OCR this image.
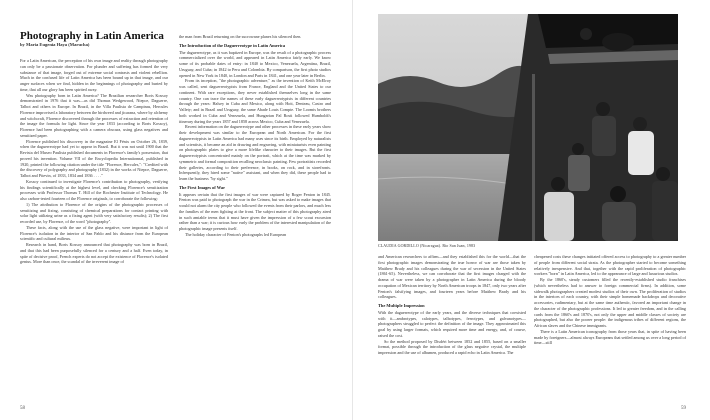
Photography in Latin America
by Maria Eugenia Haya (Marucha)

For a Latin American, the perception of his own image and reality through photography can only be a passionate observation. For plunder and suffering has formed the very substance of that image, forged out of extreme social contrasts and violent rebellion. Much in the confused life of Latin America has been bound up in that image, and our anger surfaces when we find, hidden in the beginnings of photography and buried by time, that all our glory has been spirited away.

Was photography born in Latin America? The Brazilian researcher Boris Kossoy demonstrated in 1976 that it was—as did Thomas Wedgewood, Niepce, Daguerre, Talbot and others in Europe. In Brazil, in the Villa Paulista de Campinas, Hercules Florence improvised a laboratory between the birdweed and jicarana, where by alchemy and witchcraft, Florence discovered through the processes of extraction and retention of the image the formula for light. Since the year 1833 (according to Boris Kossoy), Florence had been photographing with a camera obscura, using glass negatives and sensitized paper.

Florence published his discovery in the magazine El Fénix on October 26, 1839, when the daguerreotype had yet to appear in Brazil. But it was not until 1900 that the Revista del Museo Paulista published documents in Florence's family's possession, that proved his invention. Volume VII of the Encyclopedia Internationnal, published in 1920, printed the following citation under the title "Florence, Hercules,": "Credited with the discovery of polygraphy and photography (1832) in the works of Niepce, Daguerre, Talbot and Pitevin, of 1833, 1834 and 1836 . . . ."

Kossoy continued to investigate Florence's contribution to photography, verifying his findings scientifically at the highest level, and checking Florence's sensitization processes with Professor Thomas T. Hill of the Rochester Institute of Technology. He also carbon-tested fourteen of the Florence originals, to corroborate the following:

1) The attribution to Florence of the origins of the photographic processes of sensitizing and fixing, consisting of chemical preparations for contact printing with solar light utilizing urine as a fixing agent (with very satisfactory results); 2) The first recorded use, by Florence, of the word "photography".

These facts, along with the use of the glass negative, were important in light of Florence's isolation in the interior of San Pablo and his distance from the European scientific and cultural milieux.

Research in hand, Boris Kossoy announced that photography was born in Brazil, and that this had been purposefully silenced for a century and a half. Even today, in spite of decisive proof, French experts do not accept the existence of Florence's isolated genius. More than once, the scandal of the irreverent image of

the man from Brazil returning on the sucrowane planes his silenced then.

The Introduction of the Daguerreotype in Latin America

The daguerreotype, as it was baptized in Europe, was the result of a photographic process commercialized over the world, and appeared in Latin America fairly early. We know some of its probable dates of entry: in 1840 to Mexico, Venezuela, Argentina, Brazil, Uruguay, and Cuba; in 1842 to Peru and Colombia. By comparison, the first photo studios opened in New York in 1840, in London and Paris in 1841, and one year later in Berlin.

From its inception, "the photographic adventure," as the invention of Keith McElroy was called, sent daguerreotypists from France, England and the United States to our continent. With rare exceptions, they never established themselves long in the same country. One can trace the names of these early daguerreotypists in different countries through the years: Halsey in Cuba and Mexico, along with Hoit, Denteau, Castro and Vallety; and in Brazil and Uruguay, the same Abade Louis Compte. The Loomis brothers both worked in Cuba and Venezuela, and Hungarian Pal Rosti followed Humboldt's itinerary during the years 1857 and 1858 across Mexico, Cuba and Venezuela.

Recent information on the daguerreotype and other processes in these early years show their development was similar to the European and North American. For the first daguerreotypists in Latin America had many uses since its birth. Employed by naturalists and scientists, it became an aid in drawing and engraving, with miniaturists even painting on photographic plates to give a more lifelike character to their images. But the first daguerreotypists concentrated mainly on the portrait, which at the time was marked by symmetric and formal composition recalling neoclassic painting. Few portraitists recorded their galleries, according to their preference, in books, on rock, and in storefronts. Infrequently, they hired some "native" assistant, and when they did, these people had to learn the business "by sight."

The First Images of War

It appears certain that the first images of war were captured by Roger Fenton in 1845. Fenton was paid to photograph the war in the Crimea, but was asked to make images that would not alarm the city people who followed the events from their parlors, and much less the families of the men fighting at the front. The subject matter of this photography aired in such amiable terms that it must have given the impression of a few scout excursion rather than a war; it is curious how early the problem of the interested manipulation of the photographic image presents itself.

The holiday character of Fenton's photographs led European

58
CLAUDIA GORDILLO (Nicaragua). Rio San Juan, 1983

and American researchers to affirm—and they established this for the world—that the first photographic images demonstrating the true horror of war are those taken by Matthew Brady and his colleagues during the war of secession in the United States (1861-65). Nevertheless, we can corroborate that the first images charged with the drama of war were taken by a photographer in Latin America during the bloody occupation of Mexican territory by North American troops in 1847, only two years after Fenton's falsifying images, and fourteen years before Matthew Brady and his colleagues.

The Multiple Impression

With the daguerreotype of the early years, and the diverse techniques that coexisted with it—ambrotypes, calotypes, talbotypes, ferrotypes, and galvanotypes—photographers struggled to perfect the definition of the image. They approximated this goal by using larger formats, which required more time and energy, and, of course, raised the cost.

So the method proposed by Disdéri between 1852 and 1855, based on a smaller format, possible through the introduction of the glass negative crystal, the multiple impression and the use of albumen, produced a rapid echo in Latin America. The

cheapened costs these changes initiated offered access to photography to a greater number of people from different social strata. As the photographer started to become something relatively inexpensive. And that, together with the rapid proliferation of photographic workers "born" in Latin America, led to the appearance of large and luxurious studios.

By the 1860's, steady customers filled the recently-established studio franchises (which nevertheless had to answer to foreign commercial firms). In addition, some sidewalk photographers created modest studios of their own. The proliferation of studios in the interiors of each country, with their simple homemade backdrops and decorative accessories, rudimentary, but at the same time authentic, favored an important change in the character of the photographic professions. It led to greater freedom, and in the calling cards from the 1860's and 1870's, not only the upper and middle classes of society are photographed, but also the poorer people: the indigenous tribes of different regions, the African slaves and the Chinese immigrants.

There is a Latin American iconography from those years that, in spite of having been made by foreigners—almost always Europeans that settled among us over a long period of time—still

59
